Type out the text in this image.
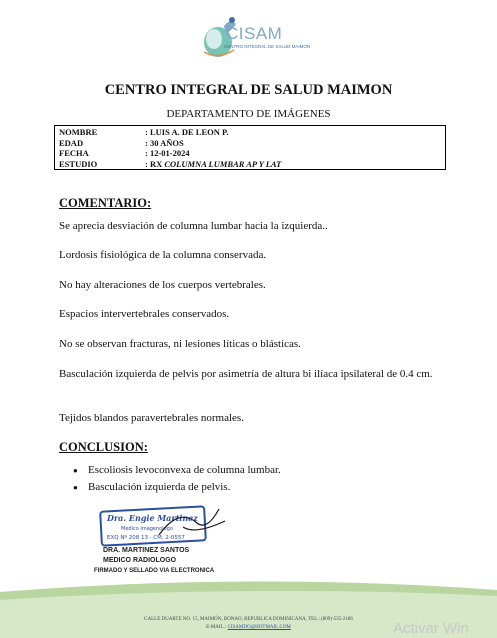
CISAM
CENTRO INTEGRAL DE SALUD MAIMON
CENTRO INTEGRAL DE SALUD MAIMON
DEPARTAMENTO DE IMÁGENES
NOMBRE	: LUIS A. DE LEON P.
EDAD	: 30 AÑOS
FECHA	: 12-01-2024
ESTUDIO	: RX COLUMNA LUMBAR AP Y LAT
COMENTARIO:
Se aprecia desviación de columna lumbar hacia la izquierda..
Lordosis fisiológica de la columna conservada.
No hay alteraciones de los cuerpos vertebrales.
Espacios intervertebrales conservados.
No se observan fracturas, ni lesiones líticas o blásticas.
Basculación izquierda de pelvis por asimetría de altura bi ilíaca ipsilateral de 0.4 cm.
Tejidos blandos paravertebrales normales.
CONCLUSION:
● Escoliosis levoconvexa de columna lumbar.
● Basculación izquierda de pelvis.
Dra. Engie Martinez
Medico Imagenologo
EXQ Nº 208 13 · CM. 2-0557
DRA. MARTINEZ SANTOS
MEDICO RADIOLOGO
FIRMADO Y SELLADO VIA ELECTRONICA
CALLE DUARTE NO. 15, MAIMÓN, BONAO, REPUBLICA DOMINICANA, TEL.: (809)-535-2186
E-MAIL.: CISAMDO@HOTMAIL.COM	Activar Win
